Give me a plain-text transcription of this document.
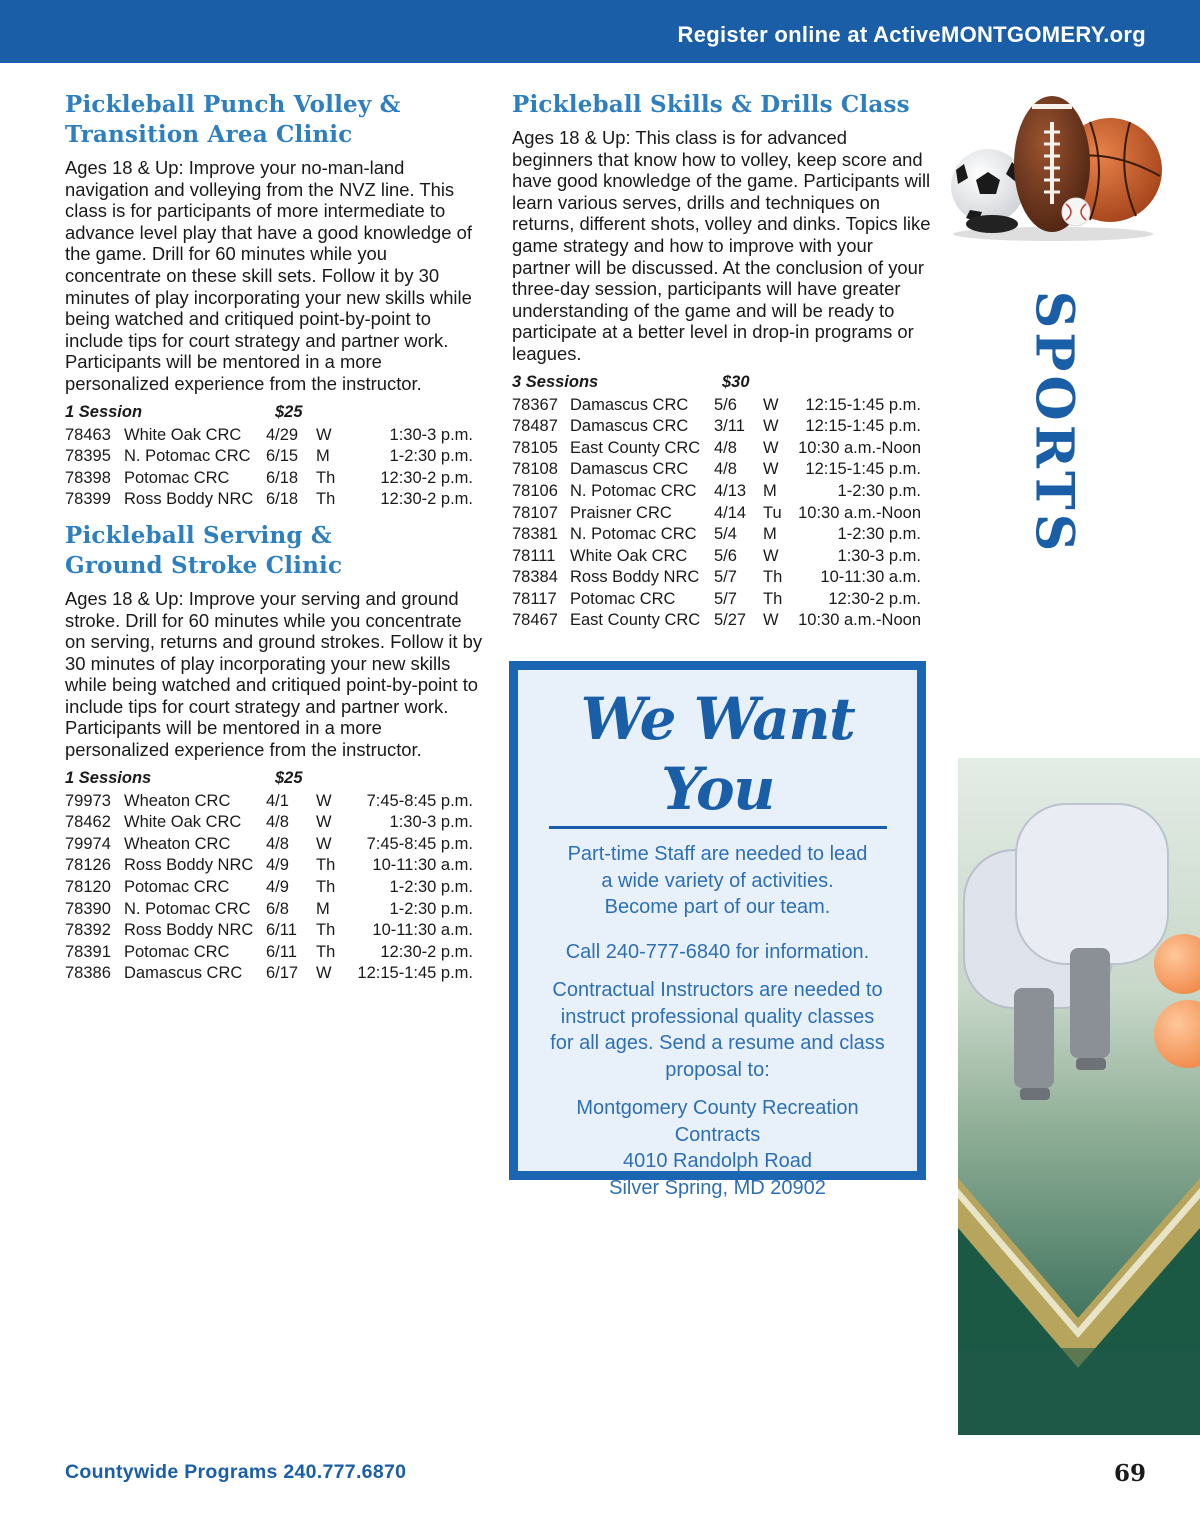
Register online at ActiveMONTGOMERY.org
Pickleball Punch Volley &
Transition Area Clinic

Ages 18 & Up: Improve your no-man-land navigation and volleying from the NVZ line. This class is for participants of more intermediate to advance level play that have a good knowledge of the game. Drill for 60 minutes while you concentrate on these skill sets. Follow it by 30 minutes of play incorporating your new skills while being watched and critiqued point-by-point to include tips for court strategy and partner work. Participants will be mentored in a more personalized experience from the instructor.

1 Session	$25
78463 White Oak CRC 4/29 W	1:30-3 p.m.
78395 N. Potomac CRC 6/15 M	1-2:30 p.m.
78398 Potomac CRC 6/18 Th	12:30-2 p.m.
78399 Ross Boddy NRC 6/18 Th	12:30-2 p.m.
Pickleball Serving &
Ground Stroke Clinic

Ages 18 & Up: Improve your serving and ground stroke. Drill for 60 minutes while you concentrate on serving, returns and ground strokes. Follow it by 30 minutes of play incorporating your new skills while being watched and critiqued point-by-point to include tips for court strategy and partner work. Participants will be mentored in a more personalized experience from the instructor.

1 Sessions	$25
79973 Wheaton CRC 4/1 W 7:45-8:45 p.m.
78462 White Oak CRC 4/8 W	1:30-3 p.m.
79974 Wheaton CRC 4/8 W 7:45-8:45 p.m.
78126 Ross Boddy NRC 4/9 Th 10-11:30 a.m.
78120 Potomac CRC 4/9 Th	1-2:30 p.m.
78390 N. Potomac CRC 6/8 M	1-2:30 p.m.
78392 Ross Boddy NRC 6/11 Th 10-11:30 a.m.
78391 Potomac CRC 6/11 Th	12:30-2 p.m.
78386 Damascus CRC 6/17 W 12:15-1:45 p.m.
Pickleball Skills & Drills Class

Ages 18 & Up: This class is for advanced beginners that know how to volley, keep score and have good knowledge of the game. Participants will learn various serves, drills and techniques on returns, different shots, volley and dinks. Topics like game strategy and how to improve with your partner will be discussed. At the conclusion of your three-day session, participants will have greater understanding of the game and will be ready to participate at a better level in drop-in programs or leagues.

3 Sessions	$30
78367 Damascus CRC 5/6 W 12:15-1:45 p.m.
78487 Damascus CRC 3/11 W 12:15-1:45 p.m.
78105 East County CRC 4/8 W 10:30 a.m.-Noon
78108 Damascus CRC 4/8 W 12:15-1:45 p.m.
78106 N. Potomac CRC 4/13 M	1-2:30 p.m.
78107 Praisner CRC	4/14 Tu 10:30 a.m.-Noon
78381 N. Potomac CRC 5/4 M	1-2:30 p.m.
78111 White Oak CRC 5/6 W	1:30-3 p.m.
78384 Ross Boddy NRC 5/7 Th 10-11:30 a.m.
78117 Potomac CRC 5/7 Th	12:30-2 p.m.
78467 East County CRC 5/27 W 10:30 a.m.-Noon
SPORTS
We Want You
Part-time Staff are needed to lead
a wide variety of activities.
Become part of our team.
Call 240-777-6840 for information.
Contractual Instructors are needed to
instruct professional quality classes
for all ages. Send a resume and class
proposal to:
Montgomery County Recreation
Contracts
4010 Randolph Road
Silver Spring, MD 20902
Countywide Programs 240.777.6870	69
